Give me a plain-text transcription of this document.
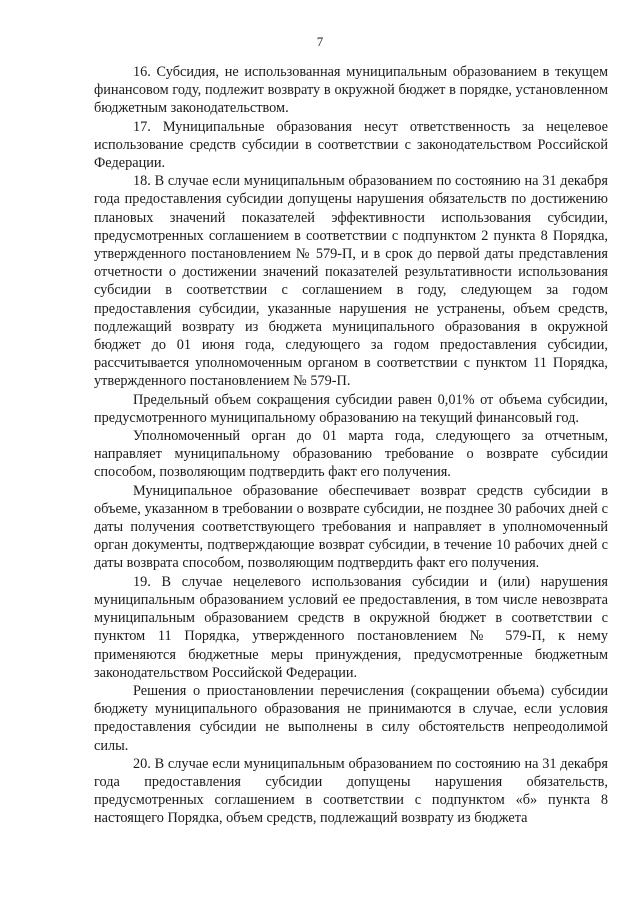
7

16. Субсидия, не использованная муниципальным образованием в текущем финансовом году, подлежит возврату в окружной бюджет в порядке, установленном бюджетным законодательством.

17. Муниципальные образования несут ответственность за нецелевое использование средств субсидии в соответствии с законодательством Российской Федерации.

18. В случае если муниципальным образованием по состоянию на 31 декабря года предоставления субсидии допущены нарушения обязательств по достижению плановых значений показателей эффективности использования субсидии, предусмотренных соглашением в соответствии с подпунктом 2 пункта 8 Порядка, утвержденного постановлением № 579-П, и в срок до первой даты представления отчетности о достижении значений показателей результативности использования субсидии в соответствии с соглашением в году, следующем за годом предоставления субсидии, указанные нарушения не устранены, объем средств, подлежащий возврату из бюджета муниципального образования в окружной бюджет до 01 июня года, следующего за годом предоставления субсидии, рассчитывается уполномоченным органом в соответствии с пунктом 11 Порядка, утвержденного постановлением № 579-П.

Предельный объем сокращения субсидии равен 0,01% от объема субсидии, предусмотренного муниципальному образованию на текущий финансовый год.

Уполномоченный орган до 01 марта года, следующего за отчетным, направляет муниципальному образованию требование о возврате субсидии способом, позволяющим подтвердить факт его получения.

Муниципальное образование обеспечивает возврат средств субсидии в объеме, указанном в требовании о возврате субсидии, не позднее 30 рабочих дней с даты получения соответствующего требования и направляет в уполномоченный орган документы, подтверждающие возврат субсидии, в течение 10 рабочих дней с даты возврата способом, позволяющим подтвердить факт его получения.

19. В случае нецелевого использования субсидии и (или) нарушения муниципальным образованием условий ее предоставления, в том числе невозврата муниципальным образованием средств в окружной бюджет в соответствии с пунктом 11 Порядка, утвержденного постановлением № 579-П, к нему применяются бюджетные меры принуждения, предусмотренные бюджетным законодательством Российской Федерации.

Решения о приостановлении перечисления (сокращении объема) субсидии бюджету муниципального образования не принимаются в случае, если условия предоставления субсидии не выполнены в силу обстоятельств непреодолимой силы.

20. В случае если муниципальным образованием по состоянию на 31 декабря года предоставления субсидии допущены нарушения обязательств, предусмотренных соглашением в соответствии с подпунктом «б» пункта 8 настоящего Порядка, объем средств, подлежащий возврату из бюджета
